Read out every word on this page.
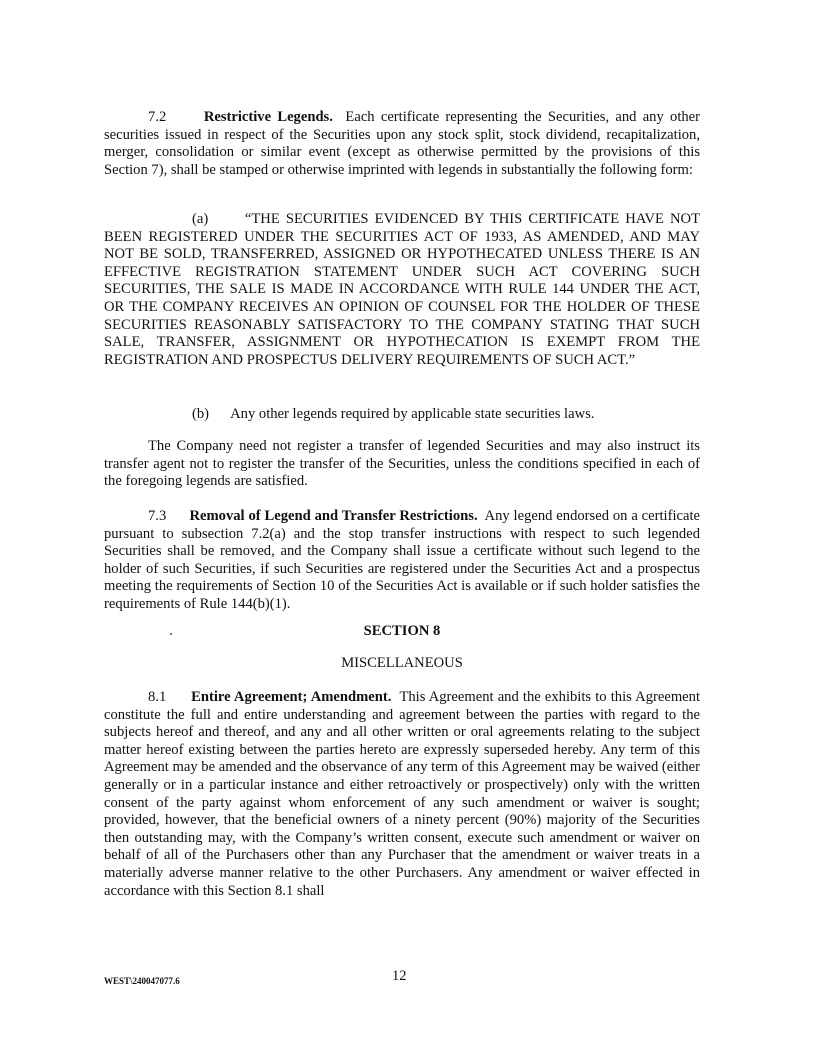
7.2	Restrictive Legends. Each certificate representing the Securities, and any other securities issued in respect of the Securities upon any stock split, stock dividend, recapitalization, merger, consolidation or similar event (except as otherwise permitted by the provisions of this Section 7), shall be stamped or otherwise imprinted with legends in substantially the following form:

(a)	“THE SECURITIES EVIDENCED BY THIS CERTIFICATE HAVE NOT BEEN REGISTERED UNDER THE SECURITIES ACT OF 1933, AS AMENDED, AND MAY NOT BE SOLD, TRANSFERRED, ASSIGNED OR HYPOTHECATED UNLESS THERE IS AN EFFECTIVE REGISTRATION STATEMENT UNDER SUCH ACT COVERING SUCH SECURITIES, THE SALE IS MADE IN ACCORDANCE WITH RULE 144 UNDER THE ACT, OR THE COMPANY RECEIVES AN OPINION OF COUNSEL FOR THE HOLDER OF THESE SECURITIES REASONABLY SATISFACTORY TO THE COMPANY STATING THAT SUCH SALE, TRANSFER, ASSIGNMENT OR HYPOTHECATION IS EXEMPT FROM THE REGISTRATION AND PROSPECTUS DELIVERY REQUIREMENTS OF SUCH ACT.”

(b) Any other legends required by applicable state securities laws.

The Company need not register a transfer of legended Securities and may also instruct its transfer agent not to register the transfer of the Securities, unless the conditions specified in each of the foregoing legends are satisfied.

7.3 Removal of Legend and Transfer Restrictions. Any legend endorsed on a certificate pursuant to subsection 7.2(a) and the stop transfer instructions with respect to such legended Securities shall be removed, and the Company shall issue a certificate without such legend to the holder of such Securities, if such Securities are registered under the Securities Act and a prospectus meeting the requirements of Section 10 of the Securities Act is available or if such holder satisfies the requirements of Rule 144(b)(1).

SECTION 8
MISCELLANEOUS

8.1 Entire Agreement; Amendment. This Agreement and the exhibits to this Agreement constitute the full and entire understanding and agreement between the parties with regard to the subjects hereof and thereof, and any and all other written or oral agreements relating to the subject matter hereof existing between the parties hereto are expressly superseded hereby. Any term of this Agreement may be amended and the observance of any term of this Agreement may be waived (either generally or in a particular instance and either retroactively or prospectively) only with the written consent of the party against whom enforcement of any such amendment or waiver is sought; provided, however, that the beneficial owners of a ninety percent (90%) majority of the Securities then outstanding may, with the Company’s written consent, execute such amendment or waiver on behalf of all of the Purchasers other than any Purchaser that the amendment or waiver treats in a materially adverse manner relative to the other Purchasers. Any amendment or waiver effected in accordance with this Section 8.1 shall

WEST\240047077.6	12
